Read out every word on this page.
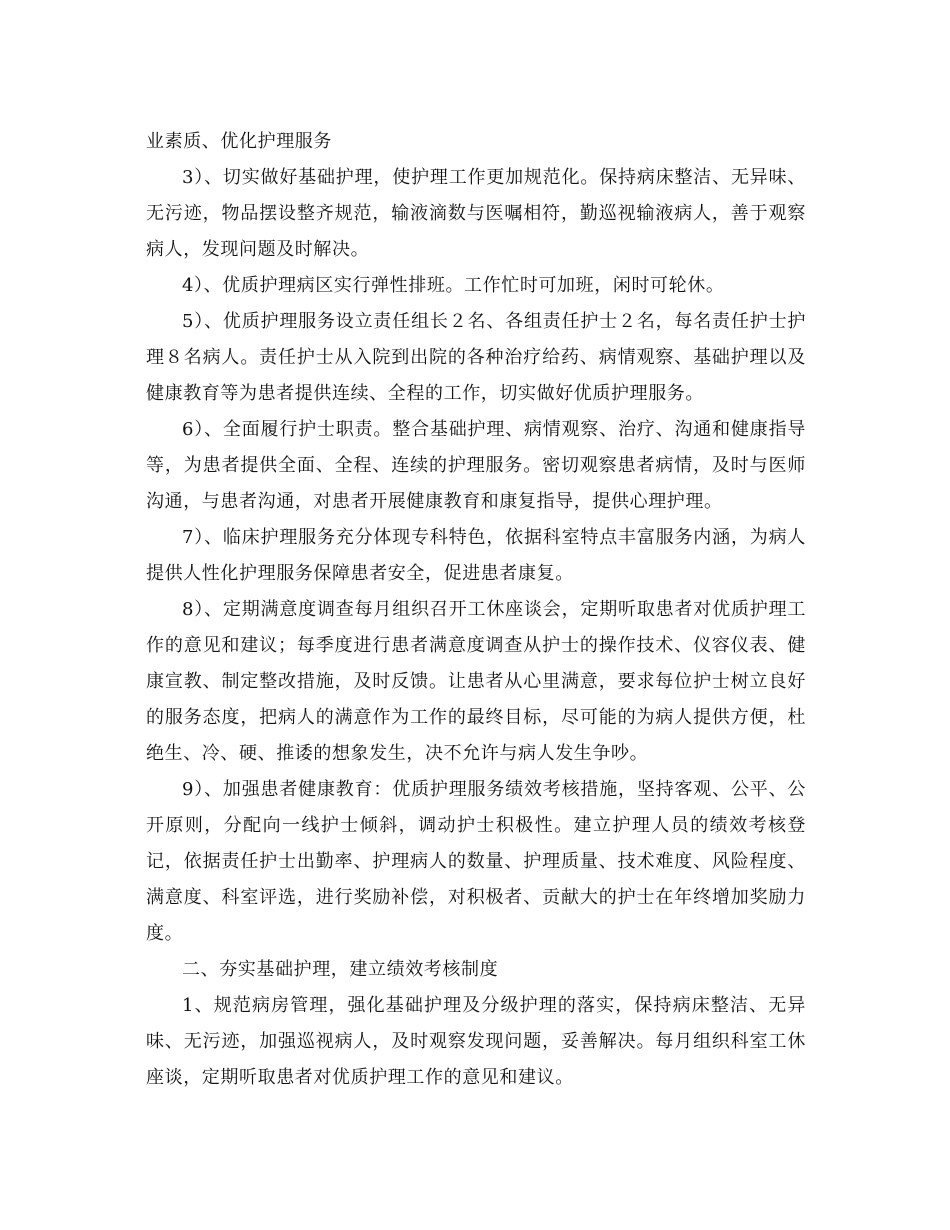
业素质、优化护理服务

3）、切实做好基础护理，使护理工作更加规范化。保持病床整洁、无异味、无污迹，物品摆设整齐规范，输液滴数与医嘱相符，勤巡视输液病人，善于观察病人，发现问题及时解决。

4）、优质护理病区实行弹性排班。工作忙时可加班，闲时可轮休。

5）、优质护理服务设立责任组长２名、各组责任护士２名，每名责任护士护理８名病人。责任护士从入院到出院的各种治疗给药、病情观察、基础护理以及健康教育等为患者提供连续、全程的工作，切实做好优质护理服务。

6）、全面履行护士职责。整合基础护理、病情观察、治疗、沟通和健康指导等，为患者提供全面、全程、连续的护理服务。密切观察患者病情，及时与医师沟通，与患者沟通，对患者开展健康教育和康复指导，提供心理护理。

7）、临床护理服务充分体现专科特色，依据科室特点丰富服务内涵，为病人提供人性化护理服务保障患者安全，促进患者康复。

8）、定期满意度调查每月组织召开工休座谈会，定期听取患者对优质护理工作的意见和建议；每季度进行患者满意度调查从护士的操作技术、仪容仪表、健康宣教、制定整改措施，及时反馈。让患者从心里满意，要求每位护士树立良好的服务态度，把病人的满意作为工作的最终目标，尽可能的为病人提供方便，杜绝生、冷、硬、推诿的想象发生，决不允许与病人发生争吵。

9）、加强患者健康教育：优质护理服务绩效考核措施，坚持客观、公平、公开原则，分配向一线护士倾斜，调动护士积极性。建立护理人员的绩效考核登记，依据责任护士出勤率、护理病人的数量、护理质量、技术难度、风险程度、满意度、科室评选，进行奖励补偿，对积极者、贡献大的护士在年终增加奖励力度。

二、夯实基础护理，建立绩效考核制度

1、规范病房管理，强化基础护理及分级护理的落实，保持病床整洁、无异味、无污迹，加强巡视病人，及时观察发现问题，妥善解决。每月组织科室工休座谈，定期听取患者对优质护理工作的意见和建议。
